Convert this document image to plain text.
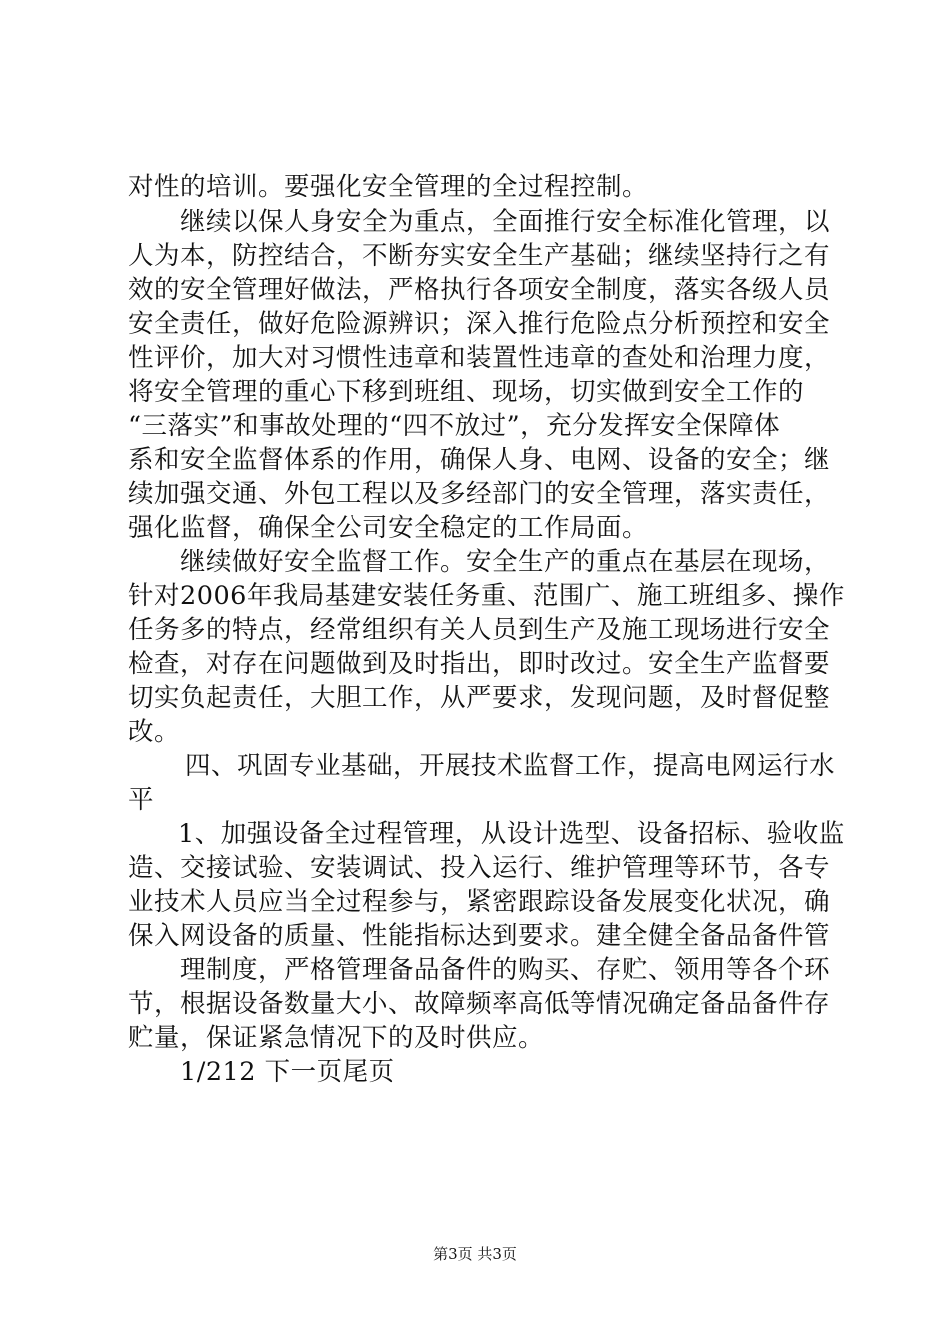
对性的培训。要强化安全管理的全过程控制。
继续以保人身安全为重点，全面推行安全标准化管理，以
人为本，防控结合，不断夯实安全生产基础；继续坚持行之有
效的安全管理好做法，严格执行各项安全制度，落实各级人员
安全责任，做好危险源辨识；深入推行危险点分析预控和安全
性评价，加大对习惯性违章和装置性违章的查处和治理力度，
将安全管理的重心下移到班组、现场，切实做到安全工作的
“三落实”和事故处理的“四不放过”，充分发挥安全保障体
系和安全监督体系的作用，确保人身、电网、设备的安全；继
续加强交通、外包工程以及多经部门的安全管理，落实责任，
强化监督，确保全公司安全稳定的工作局面。
继续做好安全监督工作。安全生产的重点在基层在现场，
针对2006年我局基建安装任务重、范围广、施工班组多、操作
任务多的特点，经常组织有关人员到生产及施工现场进行安全
检查，对存在问题做到及时指出，即时改过。安全生产监督要
切实负起责任，大胆工作，从严要求，发现问题，及时督促整
改。
四、巩固专业基础，开展技术监督工作，提高电网运行水
平
1、加强设备全过程管理，从设计选型、设备招标、验收监
造、交接试验、安装调试、投入运行、维护管理等环节，各专
业技术人员应当全过程参与，紧密跟踪设备发展变化状况，确
保入网设备的质量、性能指标达到要求。建全健全备品备件管
理制度，严格管理备品备件的购买、存贮、领用等各个环
节，根据设备数量大小、故障频率高低等情况确定备品备件存
贮量，保证紧急情况下的及时供应。
1/212 下一页尾页
第3页 共3页
